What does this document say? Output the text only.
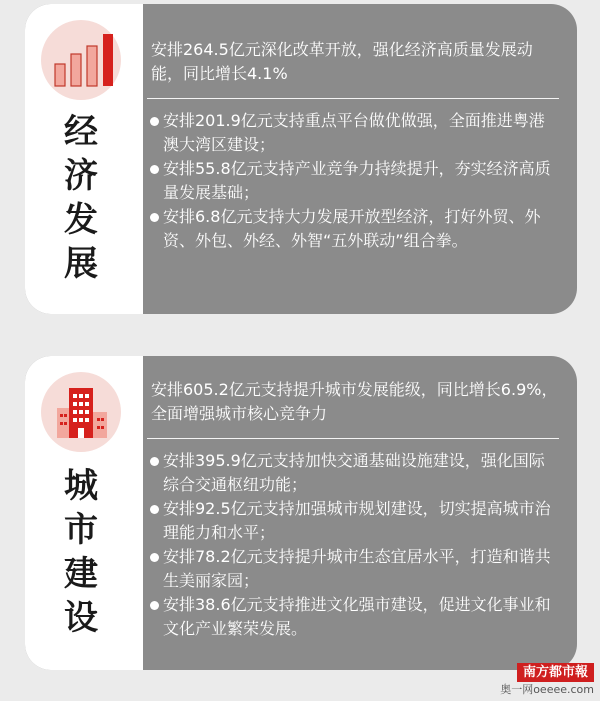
经
济
发
展

安排264.5亿元深化改革开放，强化经济高质量发展动能，同比增长4.1%

安排201.9亿元支持重点平台做优做强，全面推进粤港澳大湾区建设；
安排55.8亿元支持产业竞争力持续提升，夯实经济高质量发展基础；
安排6.8亿元支持大力发展开放型经济，打好外贸、外资、外包、外经、外智“五外联动”组合拳。
城
市
建
设

安排605.2亿元支持提升城市发展能级，同比增长6.9%，全面增强城市核心竞争力

安排395.9亿元支持加快交通基础设施建设，强化国际综合交通枢纽功能；
安排92.5亿元支持加强城市规划建设，切实提高城市治理能力和水平；
安排78.2亿元支持提升城市生态宜居水平，打造和谐共生美丽家园；
安排38.6亿元支持推进文化强市建设，促进文化事业和文化产业繁荣发展。
南方都市報
奥一网oeeee.com
